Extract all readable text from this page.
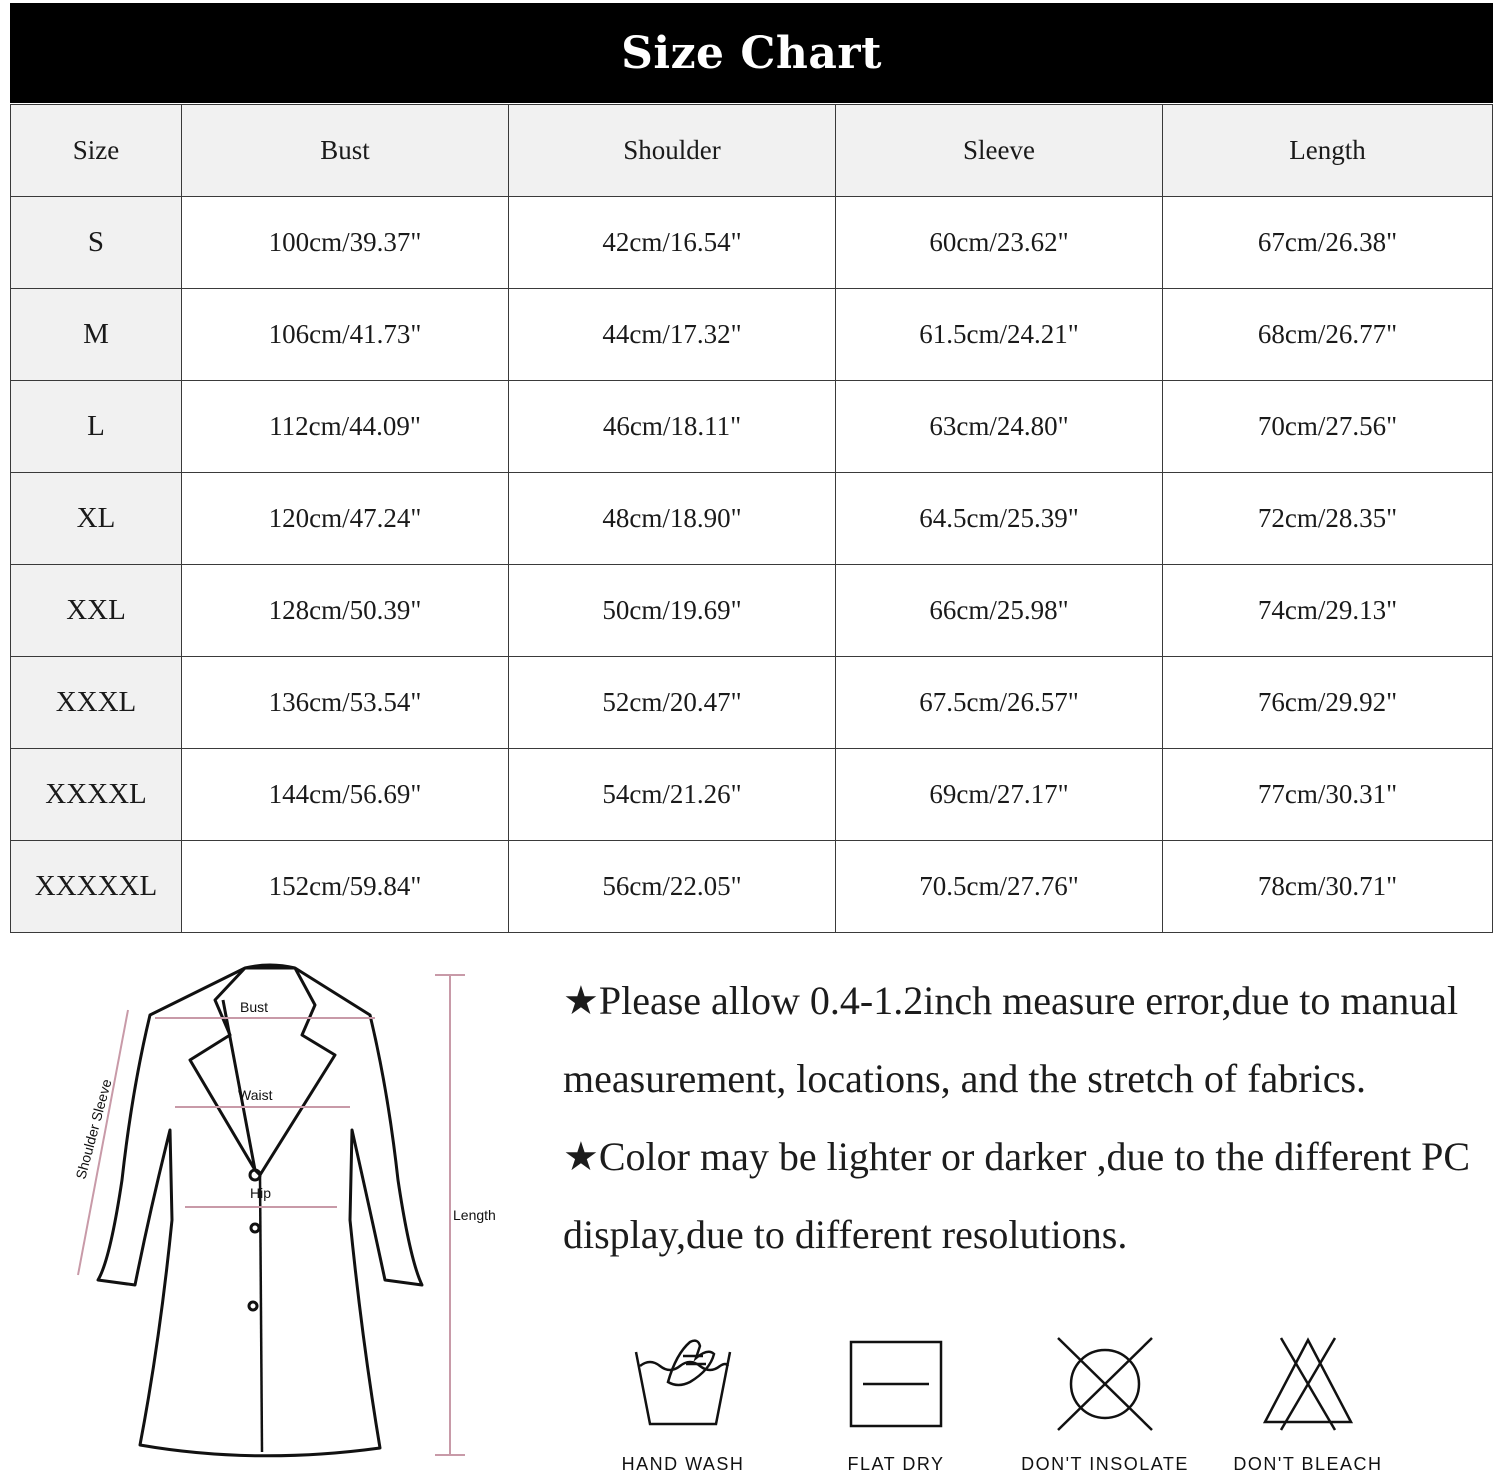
Size Chart
Size	Bust	Shoulder	Sleeve	Length
S	100cm/39.37"	42cm/16.54"	60cm/23.62"	67cm/26.38"
M	106cm/41.73"	44cm/17.32"	61.5cm/24.21"	68cm/26.77"
L	112cm/44.09"	46cm/18.11"	63cm/24.80"	70cm/27.56"
XL	120cm/47.24"	48cm/18.90"	64.5cm/25.39"	72cm/28.35"
XXL	128cm/50.39"	50cm/19.69"	66cm/25.98"	74cm/29.13"
XXXL	136cm/53.54"	52cm/20.47"	67.5cm/26.57"	76cm/29.92"
XXXXL	144cm/56.69"	54cm/21.26"	69cm/27.17"	77cm/30.31"
XXXXXL	152cm/59.84"	56cm/22.05"	70.5cm/27.76"	78cm/30.71"
Bust
Waist
Hip
Shoulder Sleeve
Length

★Please allow 0.4-1.2inch measure error,due to manual measurement, locations, and the stretch of fabrics.

★Color may be lighter or darker ,due to the different PC display,due to different resolutions.

HAND WASH	FLAT DRY	DON'T INSOLATE	DON'T BLEACH
